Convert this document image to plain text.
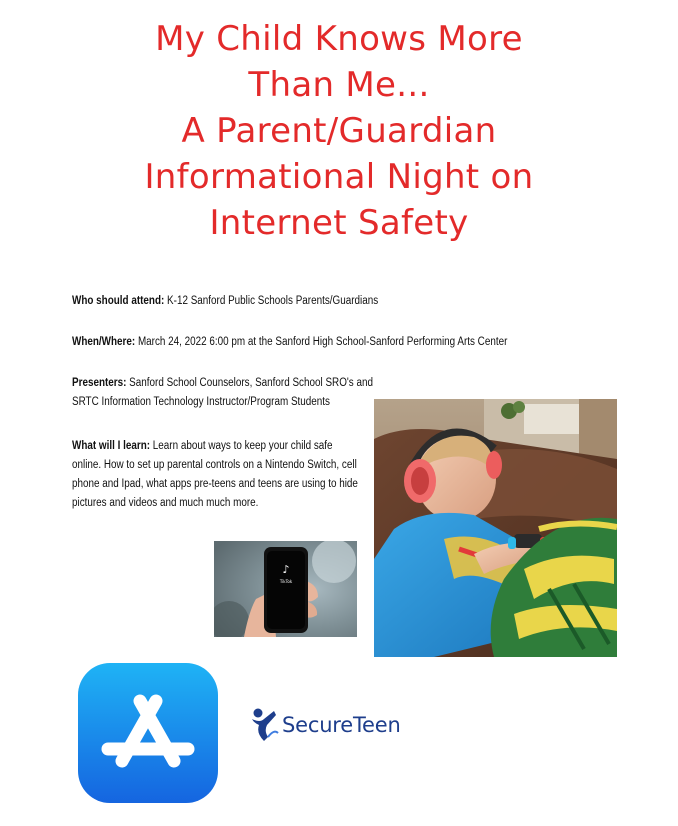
My Child Knows More
Than Me...
A Parent/Guardian
Informational Night on
Internet Safety
Who should attend: K-12 Sanford Public Schools Parents/Guardians
When/Where: March 24, 2022 6:00 pm at the Sanford High School-Sanford Performing Arts Center
Presenters: Sanford School Counselors, Sanford School SRO's and SRTC Information Technology Instructor/Program Students
What will I learn: Learn about ways to keep your child safe online. How to set up parental controls on a Nintendo Switch, cell phone and Ipad, what apps pre-teens and teens are using to hide pictures and videos and much much more.
♪
TikTok
SecureTeen
